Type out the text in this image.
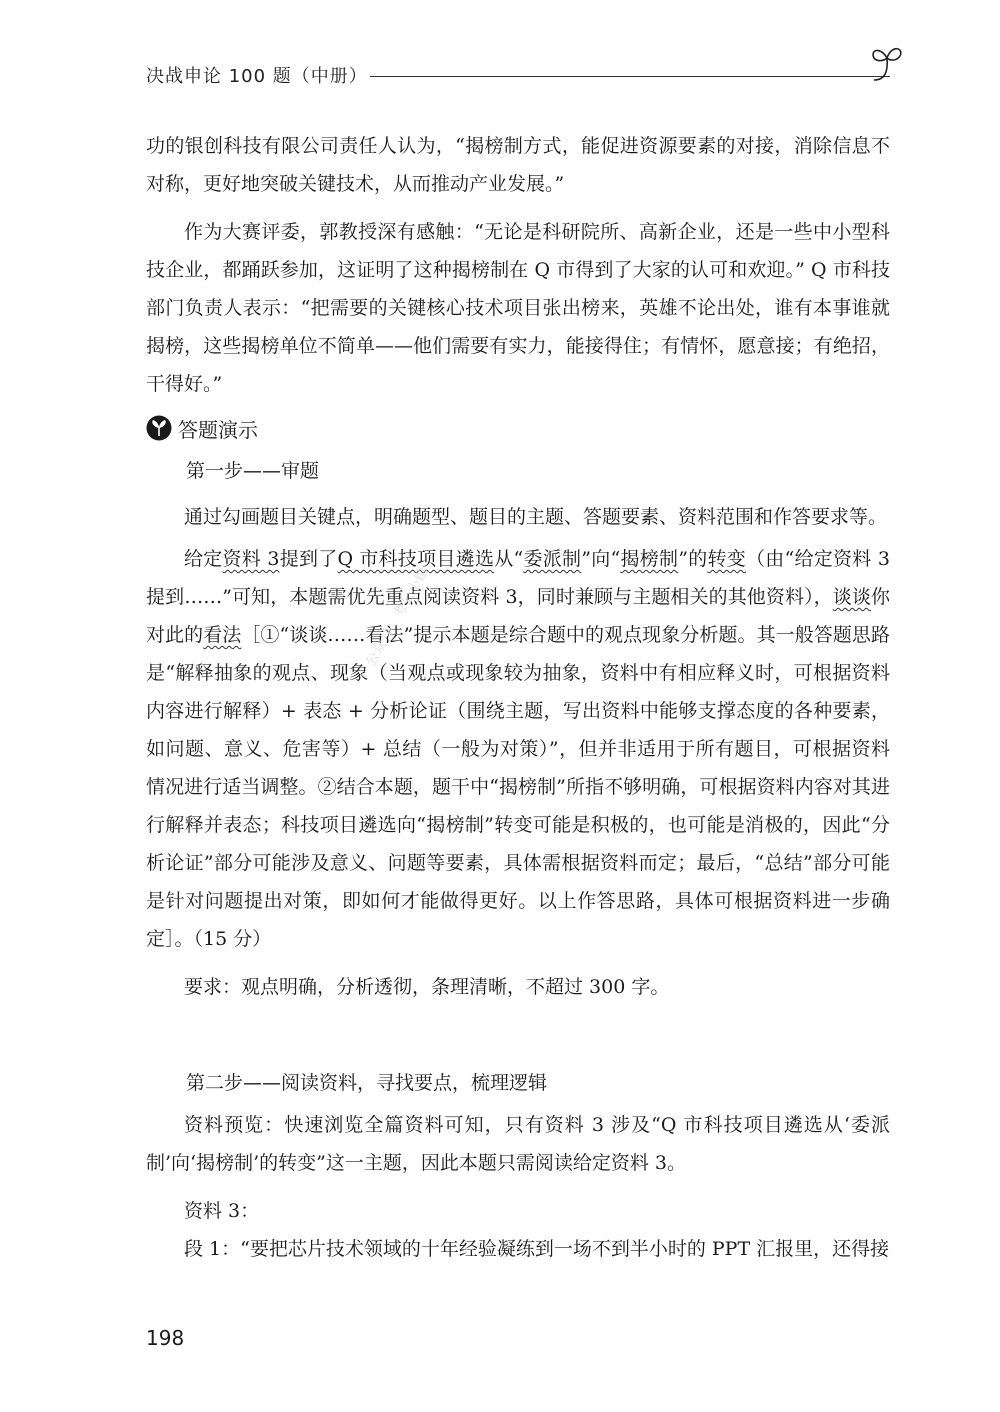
决战申论 100 题（中册）

功的银创科技有限公司责任人认为，“揭榜制方式，能促进资源要素的对接，消除信息不对称，更好地突破关键技术，从而推动产业发展。”

作为大赛评委，郭教授深有感触：“无论是科研院所、高新企业，还是一些中小型科技企业，都踊跃参加，这证明了这种揭榜制在 Q 市得到了大家的认可和欢迎。” Q 市科技部门负责人表示：“把需要的关键核心技术项目张出榜来，英雄不论出处，谁有本事谁就揭榜，这些揭榜单位不简单——他们需要有实力，能接得住；有情怀，愿意接；有绝招，干得好。”

答题演示
第一步——审题

通过勾画题目关键点，明确题型、题目的主题、答题要素、资料范围和作答要求等。

给定资料 3提到了Q 市科技项目遴选从“委派制”向“揭榜制”的转变（由“给定资料 3 提到……”可知，本题需优先重点阅读资料 3，同时兼顾与主题相关的其他资料），谈谈你对此的看法［①“谈谈……看法”提示本题是综合题中的观点现象分析题。其一般答题思路是“解释抽象的观点、现象（当观点或现象较为抽象，资料中有相应释义时，可根据资料内容进行解释）+ 表态 + 分析论证（围绕主题，写出资料中能够支撑态度的各种要素，如问题、意义、危害等）+ 总结（一般为对策）”，但并非适用于所有题目，可根据资料情况进行适当调整。②结合本题，题干中“揭榜制”所指不够明确，可根据资料内容对其进行解释并表态；科技项目遴选向“揭榜制”转变可能是积极的，也可能是消极的，因此“分析论证”部分可能涉及意义、问题等要素，具体需根据资料而定；最后，“总结”部分可能是针对问题提出对策，即如何才能做得更好。以上作答思路，具体可根据资料进一步确定］。（15 分）

要求：观点明确，分析透彻，条理清晰，不超过 300 字。

第二步——阅读资料，寻找要点，梳理逻辑

资料预览：快速浏览全篇资料可知，只有资料 3 涉及“Q 市科技项目遴选从‘委派制’向‘揭榜制’的转变”这一主题，因此本题只需阅读给定资料 3。

资料 3：

段 1：“要把芯片技术领域的十年经验凝练到一场不到半小时的 PPT 汇报里，还得接

公众号：考公小镇
198
